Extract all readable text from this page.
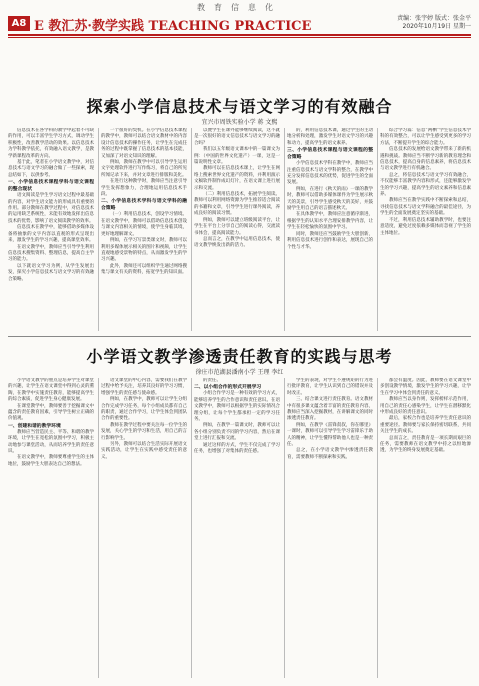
教育信息化
A8 E 教汇苏·教学实践 TEACHING PRACTICE
责编：张宇婷 版式：张金平
2020年10月19日 星期一
探索小学信息技术与语文学习的有效融合
宜兴市周铁实验小学 蒋 文熙

信息技术在各学科的教学中起着不可缺的作用，可以丰富学生学习方式，调动学生积极性，改善教学活动的效果。以信息技术为学科教学依托，有效融入语文教学，是教学新课程改革的方向。

基于此，笔者在小学语文教学中，对信息技术与语文学习的融合做了一些探索，现总结如下，以供参考。

一、小学信息技术课程学科与语文课程的整合现状

语文阅读是学生学习语文过程中最基础的内容，对学生语文能力的形成具有重要的作用。部分教师在教学过程中，对信息技术的运用缺乏系统性，未能有效地发挥出信息技术的优势，影响了语文阅读教学的效率。

信息技术在教学中，能够借助多媒体设备将抽象的文字内容以直观的形式呈现出来，激发学生的学习兴趣，提高课堂效率。

在语文教学中，教师应当引导学生利用信息技术搜集资料、整理信息，提高自主学习的能力。

以下就语文学习为例，从学生发展出发，探究小学信息技术与语文学习的有效融合策略。

一个很好的契机。在小学信息技术课程的教学中，教师可以结合语文教材中的内容设计信息技术的操作任务，让学生在完成任务的过程中既掌握了信息技术的基本技能，又加深了对语文知识的理解。

例如，教师在教学中可以引导学生运用文字处理软件进行写作练习，将自己的所见所闻记录下来，并对文章进行排版和美化。

在进行这种教学时，教师应当注意引导学生发挥想象力，合理地运用信息技术手段。

二、小学信息技术学科与语文学科的融合策略

（一）利用信息技术，创设学习情境。在语文教学中，教师可以借助信息技术创设与课文内容相关的情境，使学生身临其境，更好地理解课文。

例如，在学习写景类课文时，教师可以利用多媒体展示相关的图片和视频，让学生直观地感受景物的特点，从而激发学生的学习兴趣。

此外，教师还可以组织学生通过网络搜集与课文有关的资料，拓宽学生的知识面。

以便学生在课外能够继续阅读，这不就是一次很好的语文信息技术与语文学习的融合吗？

我们以五年级语文课本中的一篇课文为例：（中国的世界文化遗产）一课，这是一篇说明性文章。

教师可以在信息技术课上，让学生在网络上搜索世界文化遗产的资料，并利用演示文稿软件制作成幻灯片，在语文课上进行展示和交流。

（二）利用信息技术，拓展学生阅读。教师可以利用网络资源为学生推荐适合阅读的书籍和文章，引导学生进行课外阅读，养成良好的阅读习惯。

例如，教师可以建立班级阅读平台，让学生在平台上分享自己的阅读心得，交流读书体会，提高阅读能力。

总而言之，在教学中运用信息技术，使语文教学焕发出新的活力。

的，利用信息技术课，通过学生的主动地分析和处理，激发学生对语文学习的兴趣和动力，提高学生的语文素养。

三、小学信息技术课程与语文课程的整合策略

小学信息技术学科在教学中，教师应当注重信息技术与语文学科的整合，在教学中充分发挥信息技术的优势，促进学生的全面发展。

例如，在进行《秋天的雨》一课的教学时，教师可以借助多媒体课件为学生展示秋天的美景，引导学生感受秋天的美好，并鼓励学生用自己的语言描述秋天。

在具体教学中，教师应注意循序渐进，根据学生的认知水平合理安排教学内容，让学生在轻松愉快的氛围中学习。

同时，教师还应当鼓励学生大胆创新，利用信息技术进行创作和表达，展现自己的个性与才华。

综合学习篇：信息“两栖”学生信息技术学科的有效整合，可以让学生感受到更多的学习方法，不断提升学生的综合能力。

信息技术的发展给语文教学带来了新的机遇和挑战。教师应当不断学习新的教育理念和信息技术，提高自身的信息素养，将信息技术与语文教学进行有机融合。

总之，将信息技术与语文学习有效融合，不仅能够丰富教学内容和形式，还能够激发学生的学习兴趣，提高学生的语文素养和信息素养。

教师应当在教学实践中不断探索和总结，寻找信息技术与语文学科融合的最佳途径，为学生的全面发展奠定坚实的基础。

不过，利用信息技术辅助教学时，也要注意适度，避免过度依赖多媒体而忽视了学生的主体地位。

小学语文教学渗透责任教育的实践与思考
徐庄市范湖县潘南小学 王理 李红

小学语文教学的重点是培养学生对课堂的兴趣，让学生在语文课堂中得到心灵的熏陶，在教学中实施责任教育，能够提高学生的综合素质，促进学生身心健康发展。

在课堂教学中，教师要善于挖掘课文中蕴含的责任教育因素，引导学生树立正确的价值观。

一、创建和谐的教学环境

教师应当营造民主、平等、和谐的教学环境，让学生在宽松的氛围中学习，积极主动地参与课堂活动，从而培养学生的责任意识。

在语文教学中，教师要尊重学生的主体地位，鼓励学生大胆表达自己的想法。

语文课堂的中心内容，需要我们在教学过程中给予关注，培养其良好的学习习惯，增强学生的责任感与使命感。

例如，在教学中，教师可以让学生分组合作完成学习任务，每个小组成员都有自己的职责，通过合作学习，让学生体会到团队合作的重要性。

教师在教学过程中要关注每一位学生的发展，关心学生的学习和生活，用自己的言行影响学生。

另外，教师可以结合生活实际开展语文实践活动，让学生在实践中感受责任的意义。

的责任。

二、以小组合作的形式开展学习

小组合作学习是一种有效的学习方式，能够培养学生的合作意识和责任意识。在语文教学中，教师可以根据学生的实际情况合理分组，让每个学生都承担一定的学习任务。

例如，在教学一篇课文时，教师可以让各小组分别负责不同的学习内容，然后在课堂上进行汇报和交流。

通过这样的方式，学生不仅完成了学习任务，也增强了对集体的责任感。

学生的表现，对学生不遵规矩的行为进行批评教育，让学生认识到自己的错误并及时改正。

三、结合课文进行责任教育。语文教材中有很多课文蕴含着丰富的责任教育内容，教师应当深入挖掘教材，在讲解课文的同时渗透责任教育。

例如，在教学《雷锋叔叔，你在哪里》一课时，教师可以引导学生学习雷锋乐于助人的精神，让学生懂得帮助他人也是一种责任。

总之，在小学语文教学中渗透责任教育，需要教师不断探索和实践。

都会有温度。因此，教师要在语文课堂中多创设教学情境，激发学生的学习兴趣，让学生在学习中体会到责任的意义。

教师应当以身作则，发挥榜样示范作用，用自己的责任心感染学生，让学生在潜移默化中形成良好的责任意识。

最后，家校合作也是培养学生责任意识的重要途径。教师要与家长保持密切联系，共同关注学生的成长。

总而言之，责任教育是一项长期而艰巨的任务，需要教师在语文教学中持之以恒地渗透，为学生的终身发展奠定基础。
